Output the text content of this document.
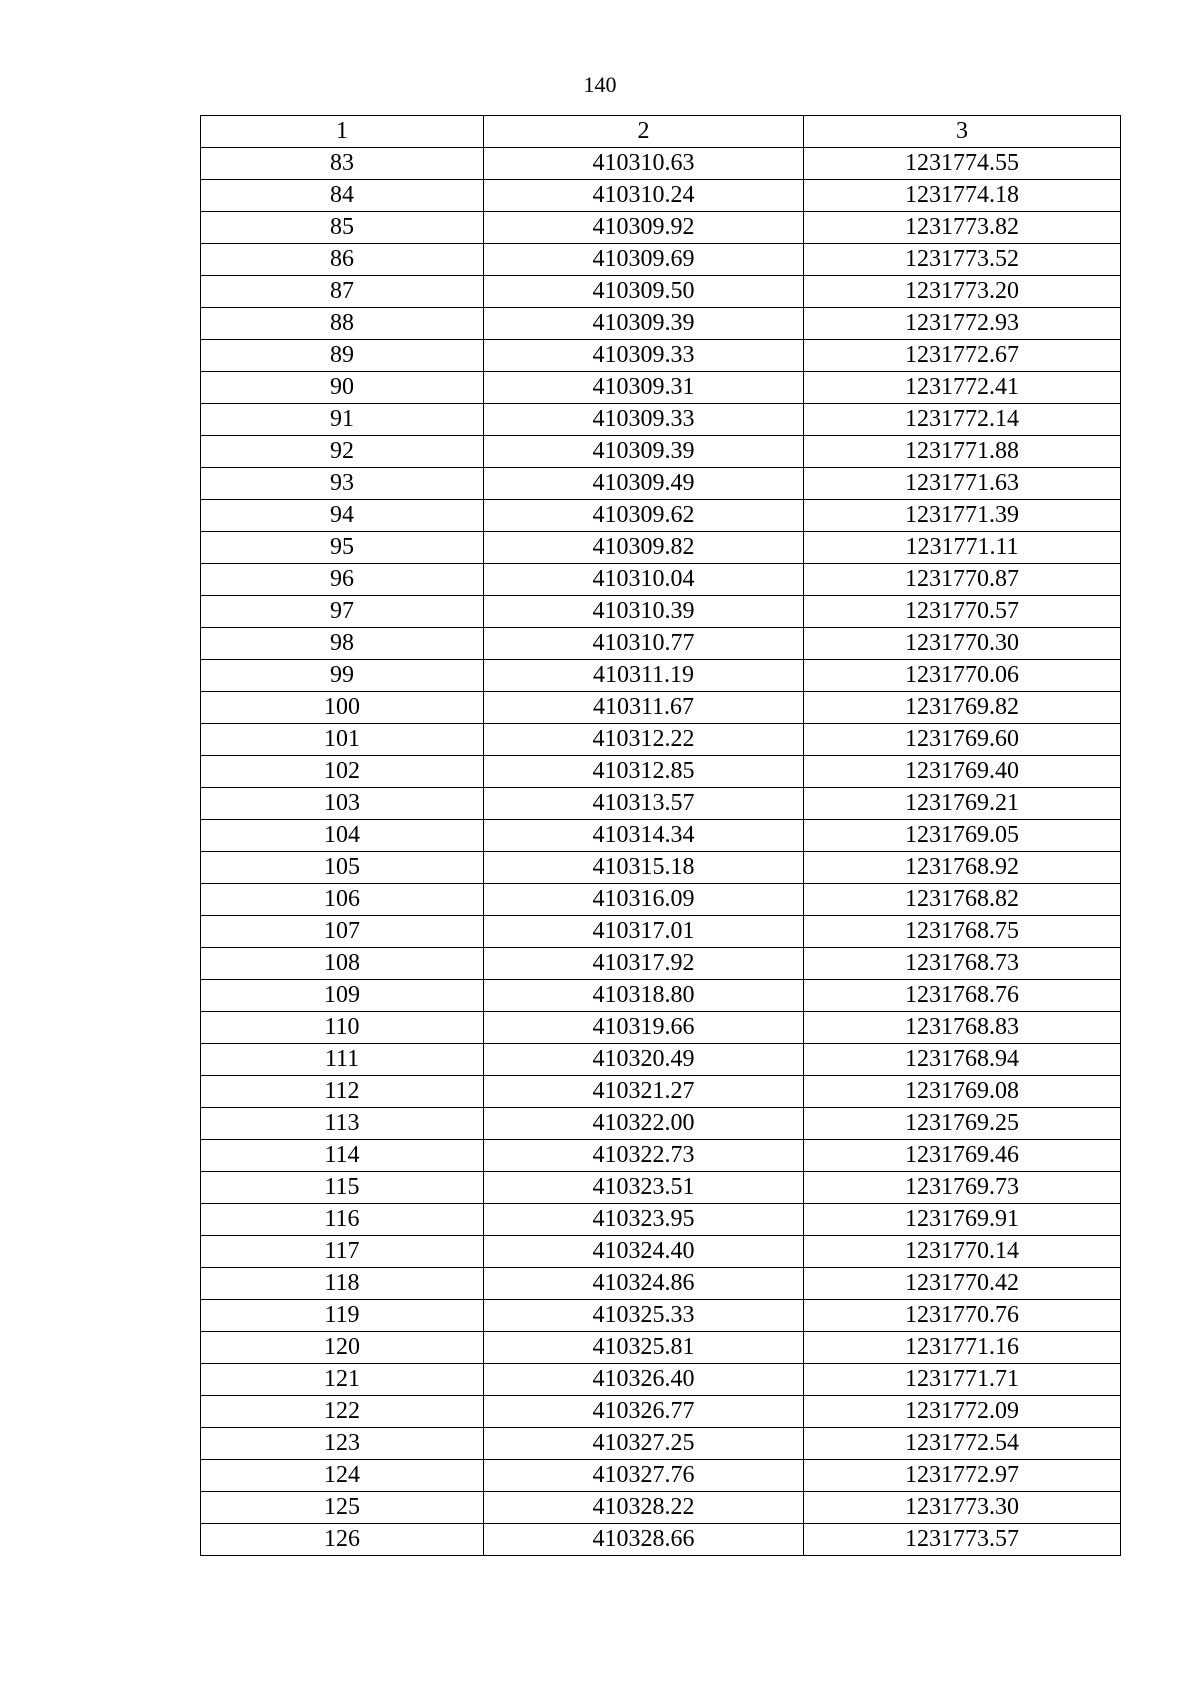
140
1	2	3
83	410310.63	1231774.55
84	410310.24	1231774.18
85	410309.92	1231773.82
86	410309.69	1231773.52
87	410309.50	1231773.20
88	410309.39	1231772.93
89	410309.33	1231772.67
90	410309.31	1231772.41
91	410309.33	1231772.14
92	410309.39	1231771.88
93	410309.49	1231771.63
94	410309.62	1231771.39
95	410309.82	1231771.11
96	410310.04	1231770.87
97	410310.39	1231770.57
98	410310.77	1231770.30
99	410311.19	1231770.06
100	410311.67	1231769.82
101	410312.22	1231769.60
102	410312.85	1231769.40
103	410313.57	1231769.21
104	410314.34	1231769.05
105	410315.18	1231768.92
106	410316.09	1231768.82
107	410317.01	1231768.75
108	410317.92	1231768.73
109	410318.80	1231768.76
110	410319.66	1231768.83
111	410320.49	1231768.94
112	410321.27	1231769.08
113	410322.00	1231769.25
114	410322.73	1231769.46
115	410323.51	1231769.73
116	410323.95	1231769.91
117	410324.40	1231770.14
118	410324.86	1231770.42
119	410325.33	1231770.76
120	410325.81	1231771.16
121	410326.40	1231771.71
122	410326.77	1231772.09
123	410327.25	1231772.54
124	410327.76	1231772.97
125	410328.22	1231773.30
126	410328.66	1231773.57
